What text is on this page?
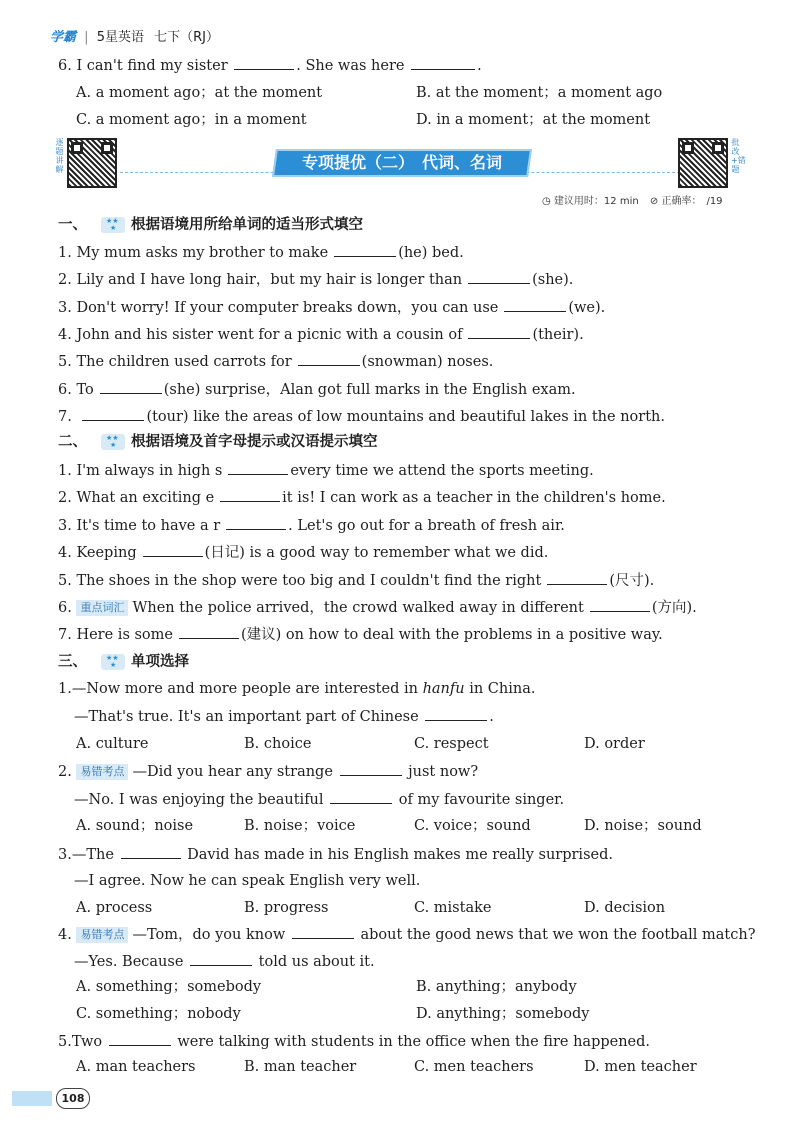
学霸 | 5星英语 七下（RJ）
6. I can't find my sister	. She was here	.
A. a moment ago；at the moment	B. at the moment；a moment ago
C. a moment ago；in a moment	D. in a moment；at the moment
逐题讲解	专项提优（二）　代词、名词
批改+错题
◷ 建议用时：12 min ⊘ 正确率：　/19
一、	★★
★ 根据语境用所给单词的适当形式填空
1. My mum asks my brother to make	(he) bed.
2. Lily and I have long hair，but my hair is longer than	(she).
3. Don't worry! If your computer breaks down，you can use	(we).
4. John and his sister went for a picnic with a cousin of	(their).
5. The children used carrots for	(snowman) noses.
6. To	(she) surprise，Alan got full marks in the English exam.
7.	(tour) like the areas of low mountains and beautiful lakes in the north.
二、	★★
★ 根据语境及首字母提示或汉语提示填空
1. I'm always in high s	every time we attend the sports meeting.
2. What an exciting e	it is! I can work as a teacher in the children's home.
3. It's time to have a r	. Let's go out for a breath of fresh air.
4. Keeping	(日记) is a good way to remember what we did.
5. The shoes in the shop were too big and I couldn't find the right	(尺寸).
6. 重点词汇 When the police arrived，the crowd walked away in different	(方向).
7. Here is some	(建议) on how to deal with the problems in a positive way.
三、	★★
★ 单项选择
1.—Now more and more people are interested in hanfu in China.
—That's true. It's an important part of Chinese	.
A. culture	B. choice	C. respect	D. order
2. 易错考点 —Did you hear any strange	just now?
—No. I was enjoying the beautiful	of my favourite singer.
A. sound；noise	B. noise；voice	C. voice；sound	D. noise；sound
3.—The	David has made in his English makes me really surprised.
—I agree. Now he can speak English very well.
A. process	B. progress	C. mistake	D. decision
4. 易错考点 —Tom，do you know	about the good news that we won the football match?
—Yes. Because	told us about it.
A. something；somebody	B. anything；anybody
C. something；nobody	D. anything；somebody
5.Two	were talking with students in the office when the fire happened.
A. man teachers	B. man teacher	C. men teachers	D. men teacher
108
